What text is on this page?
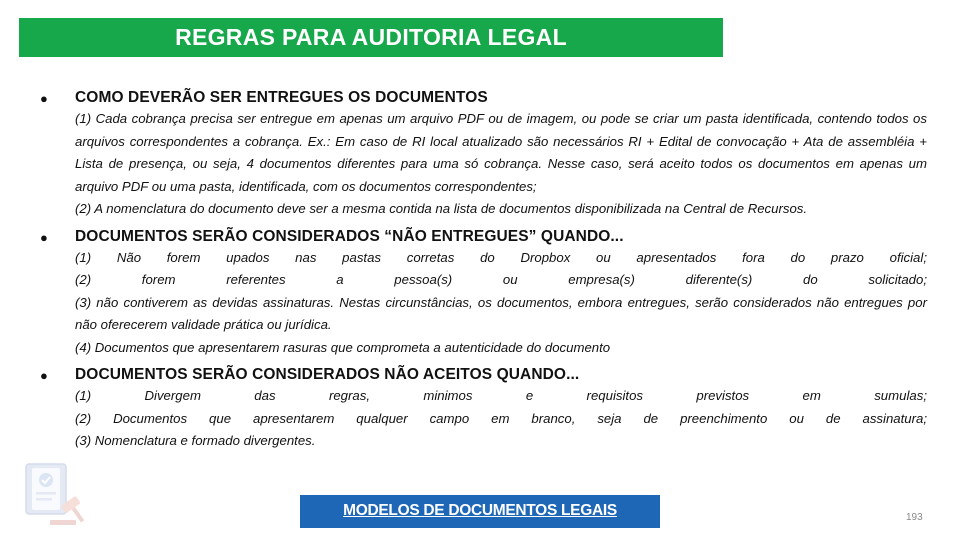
REGRAS PARA AUDITORIA LEGAL
● COMO DEVERÃO SER ENTREGUES OS DOCUMENTOS
(1) Cada cobrança precisa ser entregue em apenas um arquivo PDF ou de imagem, ou pode se criar um pasta identificada, contendo todos os arquivos correspondentes a cobrança. Ex.: Em caso de RI local atualizado são necessários RI + Edital de convocação + Ata de assembléia + Lista de presença, ou seja, 4 documentos diferentes para uma só cobrança. Nesse caso, será aceito todos os documentos em apenas um arquivo PDF ou uma pasta, identificada, com os documentos correspondentes;
(2) A nomenclatura do documento deve ser a mesma contida na lista de documentos disponibilizada na Central de Recursos.
● DOCUMENTOS SERÃO CONSIDERADOS “NÃO ENTREGUES” QUANDO...
(1) Não forem upados nas pastas corretas do Dropbox ou apresentados fora do prazo oficial;
(2) forem referentes a pessoa(s) ou empresa(s) diferente(s) do solicitado;
(3) não contiverem as devidas assinaturas. Nestas circunstâncias, os documentos, embora entregues, serão considerados não entregues por não oferecerem validade prática ou jurídica.
(4) Documentos que apresentarem rasuras que comprometa a autenticidade do documento
● DOCUMENTOS SERÃO CONSIDERADOS NÃO ACEITOS QUANDO...
(1) Divergem das regras, minimos e requisitos previstos em sumulas;
(2) Documentos que apresentarem qualquer campo em branco, seja de preenchimento ou de assinatura;
(3) Nomenclatura e formado divergentes.
MODELOS DE DOCUMENTOS LEGAIS	193
